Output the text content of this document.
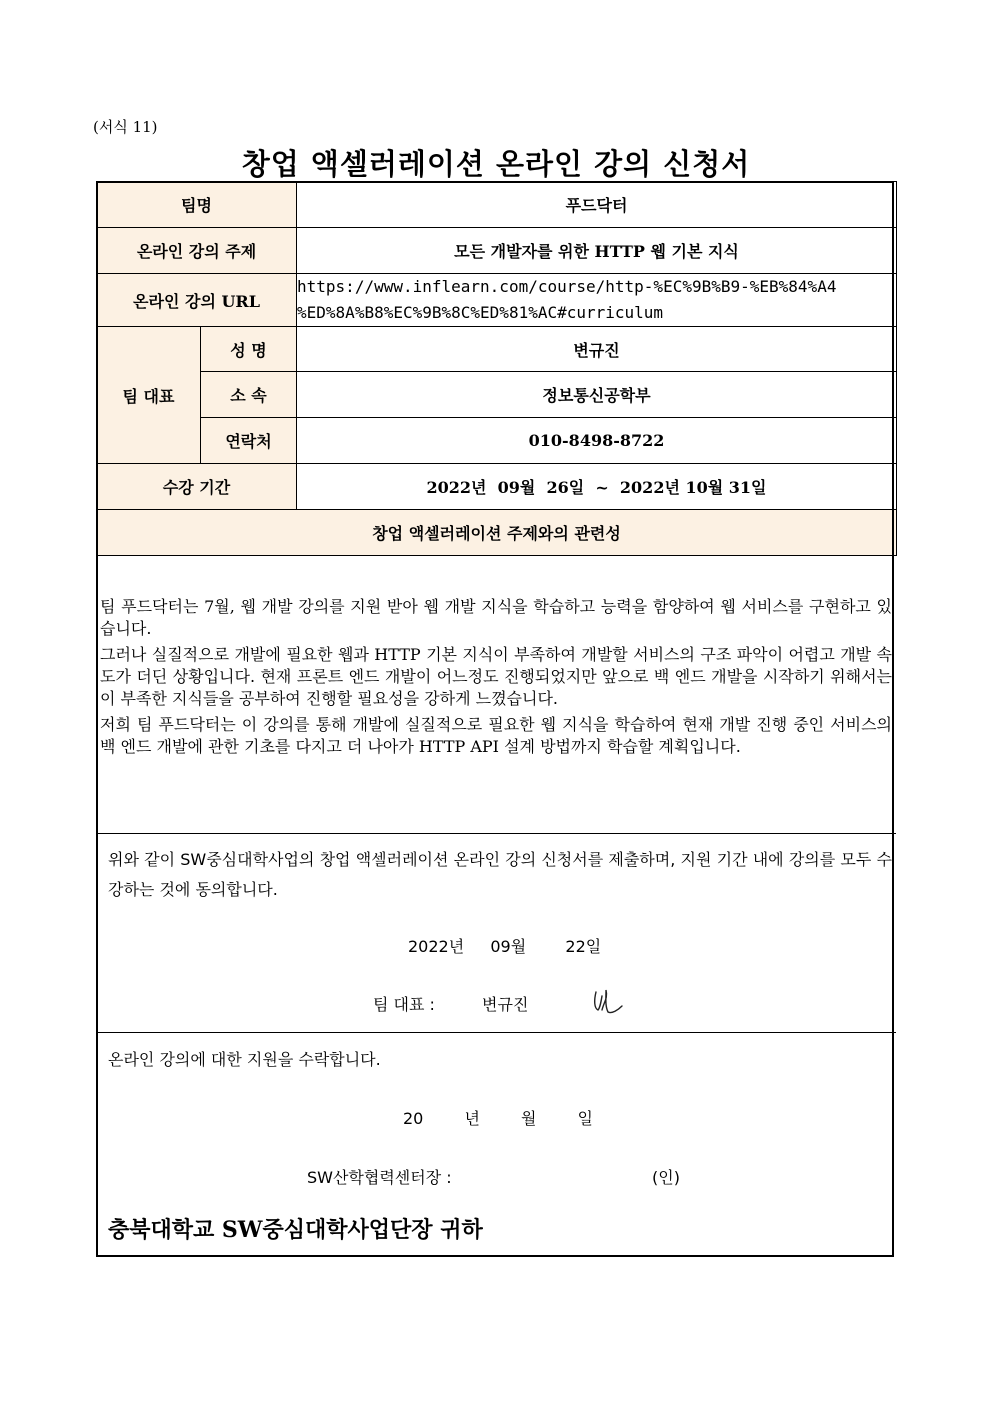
(서식 11)
창업 액셀러레이션 온라인 강의 신청서
팀명		푸드닥터
온라인 강의 주제		모든 개발자를 위한 HTTP 웹 기본 지식
온라인 강의 URL		https://www.inflearn.com/course/http-%EC%9B%B9-%EB%84%A4
%ED%8A%B8%EC%9B%8C%ED%81%AC#curriculum

팀 대표	성 명	변규진
	소 속	정보통신공학부
	연락처	010-8498-8722
수강 기간		2022년  09월  26일  ~  2022년 10월 31일
창업 액셀러레이션 주제와의 관련성		

팀 푸드닥터는 7월, 웹 개발 강의를 지원 받아 웹 개발 지식을 학습하고 능력을 함양하여 웹 서비스를 구현하고 있습니다.

그러나 실질적으로 개발에 필요한 웹과 HTTP 기본 지식이 부족하여 개발할 서비스의 구조 파악이 어렵고 개발 속도가 더딘 상황입니다. 현재 프론트 엔드 개발이 어느정도 진행되었지만 앞으로 백 엔드 개발을 시작하기 위해서는 이 부족한 지식들을 공부하여 진행할 필요성을 강하게 느꼈습니다.

저희 팀 푸드닥터는 이 강의를 통해 개발에 실질적으로 필요한 웹 지식을 학습하여 현재 개발 진행 중인 서비스의 백 엔드 개발에 관한 기초를 다지고 더 나아가 HTTP API 설계 방법까지 학습할 계획입니다.

위와 같이 SW중심대학사업의 창업 액셀러레이션 온라인 강의 신청서를 제출하며, 지원 기간 내에 강의를 모두 수강하는 것에 동의합니다.
2022년  09월   22일
팀 대표 :	변규진
온라인 강의에 대한 지원을 수락합니다.
20 년 월 일
SW산학협력센터장 :	(인)
충북대학교 SW중심대학사업단장 귀하
